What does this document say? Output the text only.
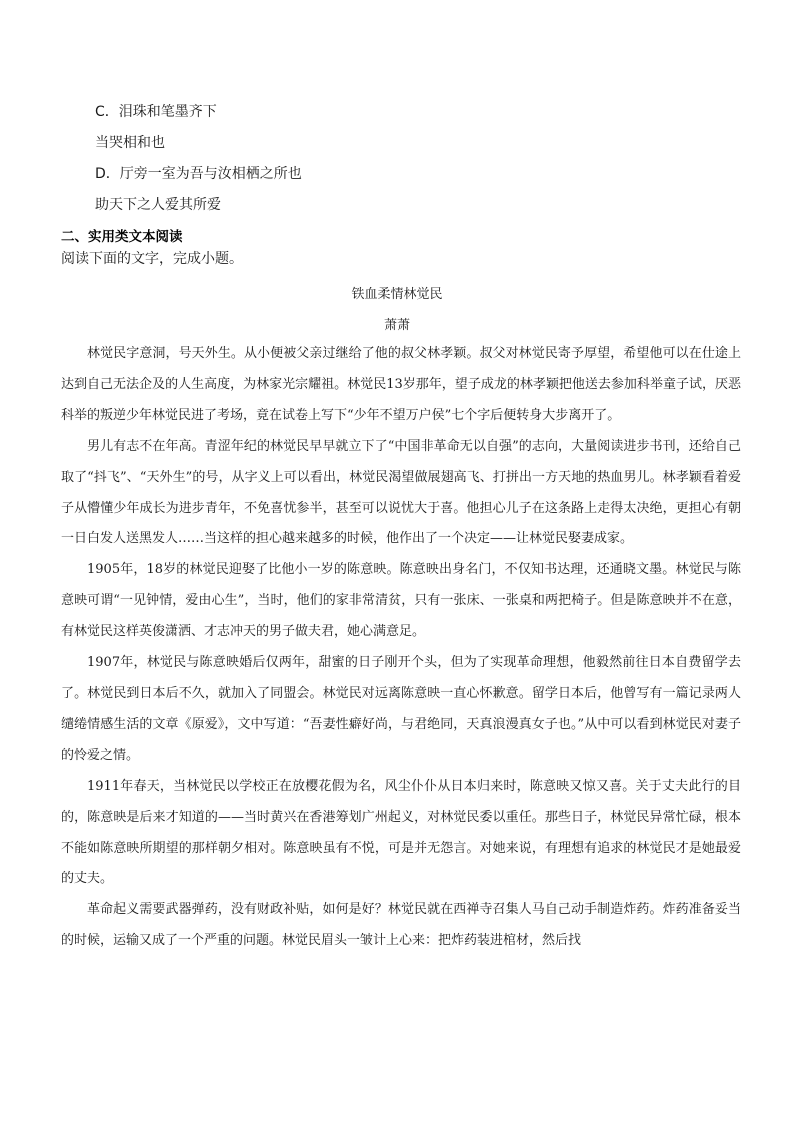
C．泪珠和笔墨齐下
当哭相和也
D．厅旁一室为吾与汝相栖之所也
助天下之人爱其所爱
二、实用类文本阅读
阅读下面的文字，完成小题。
铁血柔情林觉民
萧萧

林觉民字意洞，号天外生。从小便被父亲过继给了他的叔父林孝颖。叔父对林觉民寄予厚望，希望他可以在仕途上达到自己无法企及的人生高度，为林家光宗耀祖。林觉民13岁那年，望子成龙的林孝颖把他送去参加科举童子试，厌恶科举的叛逆少年林觉民进了考场，竟在试卷上写下“少年不望万户侯”七个字后便转身大步离开了。

男儿有志不在年高。青涩年纪的林觉民早早就立下了“中国非革命无以自强”的志向，大量阅读进步书刊，还给自己取了“抖飞”、“天外生”的号，从字义上可以看出，林觉民渴望做展翅高飞、打拼出一方天地的热血男儿。林孝颖看着爱子从懵懂少年成长为进步青年，不免喜忧参半，甚至可以说忧大于喜。他担心儿子在这条路上走得太决绝，更担心有朝一日白发人送黑发人……当这样的担心越来越多的时候，他作出了一个决定——让林觉民娶妻成家。

1905年，18岁的林觉民迎娶了比他小一岁的陈意映。陈意映出身名门，不仅知书达理，还通晓文墨。林觉民与陈意映可谓“一见钟情，爱由心生”，当时，他们的家非常清贫，只有一张床、一张桌和两把椅子。但是陈意映并不在意，有林觉民这样英俊潇洒、才志冲天的男子做夫君，她心满意足。

1907年，林觉民与陈意映婚后仅两年，甜蜜的日子刚开个头，但为了实现革命理想，他毅然前往日本自费留学去了。林觉民到日本后不久，就加入了同盟会。林觉民对远离陈意映一直心怀歉意。留学日本后，他曾写有一篇记录两人缱绻情感生活的文章《原爱》，文中写道：“吾妻性癖好尚，与君绝同，天真浪漫真女子也。”从中可以看到林觉民对妻子的怜爱之情。

1911年春天，当林觉民以学校正在放樱花假为名，风尘仆仆从日本归来时，陈意映又惊又喜。关于丈夫此行的目的，陈意映是后来才知道的——当时黄兴在香港筹划广州起义，对林觉民委以重任。那些日子，林觉民异常忙碌，根本不能如陈意映所期望的那样朝夕相对。陈意映虽有不悦，可是并无怨言。对她来说，有理想有追求的林觉民才是她最爱的丈夫。

革命起义需要武器弹药，没有财政补贴，如何是好？林觉民就在西禅寺召集人马自己动手制造炸药。炸药准备妥当的时候，运输又成了一个严重的问题。林觉民眉头一皱计上心来：把炸药装进棺材，然后找
